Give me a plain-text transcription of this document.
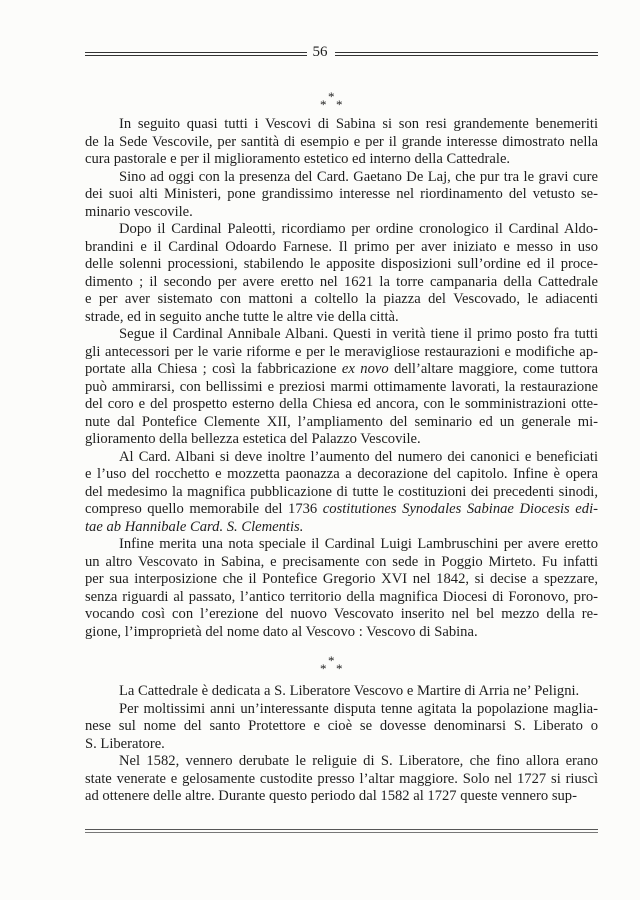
56
*
*
*
In seguito quasi tutti i Vescovi di Sabina si son resi grandemente benemeriti
de la Sede Vescovile, per santità di esempio e per il grande interesse dimostrato nella
cura pastorale e per il miglioramento estetico ed interno della Cattedrale.
Sino ad oggi con la presenza del Card. Gaetano De Laj, che pur tra le gravi cure
dei suoi alti Ministeri, pone grandissimo interesse nel riordinamento del vetusto se-
minario vescovile.
Dopo il Cardinal Paleotti, ricordiamo per ordine cronologico il Cardinal Aldo-
brandini e il Cardinal Odoardo Farnese. Il primo per aver iniziato e messo in uso
delle solenni processioni, stabilendo le apposite disposizioni sull’ordine ed il proce-
dimento ; il secondo per avere eretto nel 1621 la torre campanaria della Cattedrale
e per aver sistemato con mattoni a coltello la piazza del Vescovado, le adiacenti
strade, ed in seguito anche tutte le altre vie della città.
Segue il Cardinal Annibale Albani. Questi in verità tiene il primo posto fra tutti
gli antecessori per le varie riforme e per le meravigliose restaurazioni e modifiche ap-
portate alla Chiesa ; così la fabbricazione ex novo dell’altare maggiore, come tuttora
può ammirarsi, con bellissimi e preziosi marmi ottimamente lavorati, la restaurazione
del coro e del prospetto esterno della Chiesa ed ancora, con le somministrazioni otte-
nute dal Pontefice Clemente XII, l’ampliamento del seminario ed un generale mi-
glioramento della bellezza estetica del Palazzo Vescovile.
Al Card. Albani si deve inoltre l’aumento del numero dei canonici e beneficiati
e l’uso del rocchetto e mozzetta paonazza a decorazione del capitolo. Infine è opera
del medesimo la magnifica pubblicazione di tutte le costituzioni dei precedenti sinodi,
compreso quello memorabile del 1736 costitutiones Synodales Sabinae Diocesis edi-
tae ab Hannibale Card. S. Clementis.
Infine merita una nota speciale il Cardinal Luigi Lambruschini per avere eretto
un altro Vescovato in Sabina, e precisamente con sede in Poggio Mirteto. Fu infatti
per sua interposizione che il Pontefice Gregorio XVI nel 1842, si decise a spezzare,
senza riguardi al passato, l’antico territorio della magnifica Diocesi di Foronovo, pro-
vocando così con l’erezione del nuovo Vescovato inserito nel bel mezzo della re-
gione, l’improprietà del nome dato al Vescovo : Vescovo di Sabina.
*
*
*
La Cattedrale è dedicata a S. Liberatore Vescovo e Martire di Arria ne’ Peligni.
Per moltissimi anni un’interessante disputa tenne agitata la popolazione maglia-
nese sul nome del santo Protettore e cioè se dovesse denominarsi S. Liberato o
S. Liberatore.
Nel 1582, vennero derubate le religuie di S. Liberatore, che fino allora erano
state venerate e gelosamente custodite presso l’altar maggiore. Solo nel 1727 si riuscì
ad ottenere delle altre. Durante questo periodo dal 1582 al 1727 queste vennero sup-
